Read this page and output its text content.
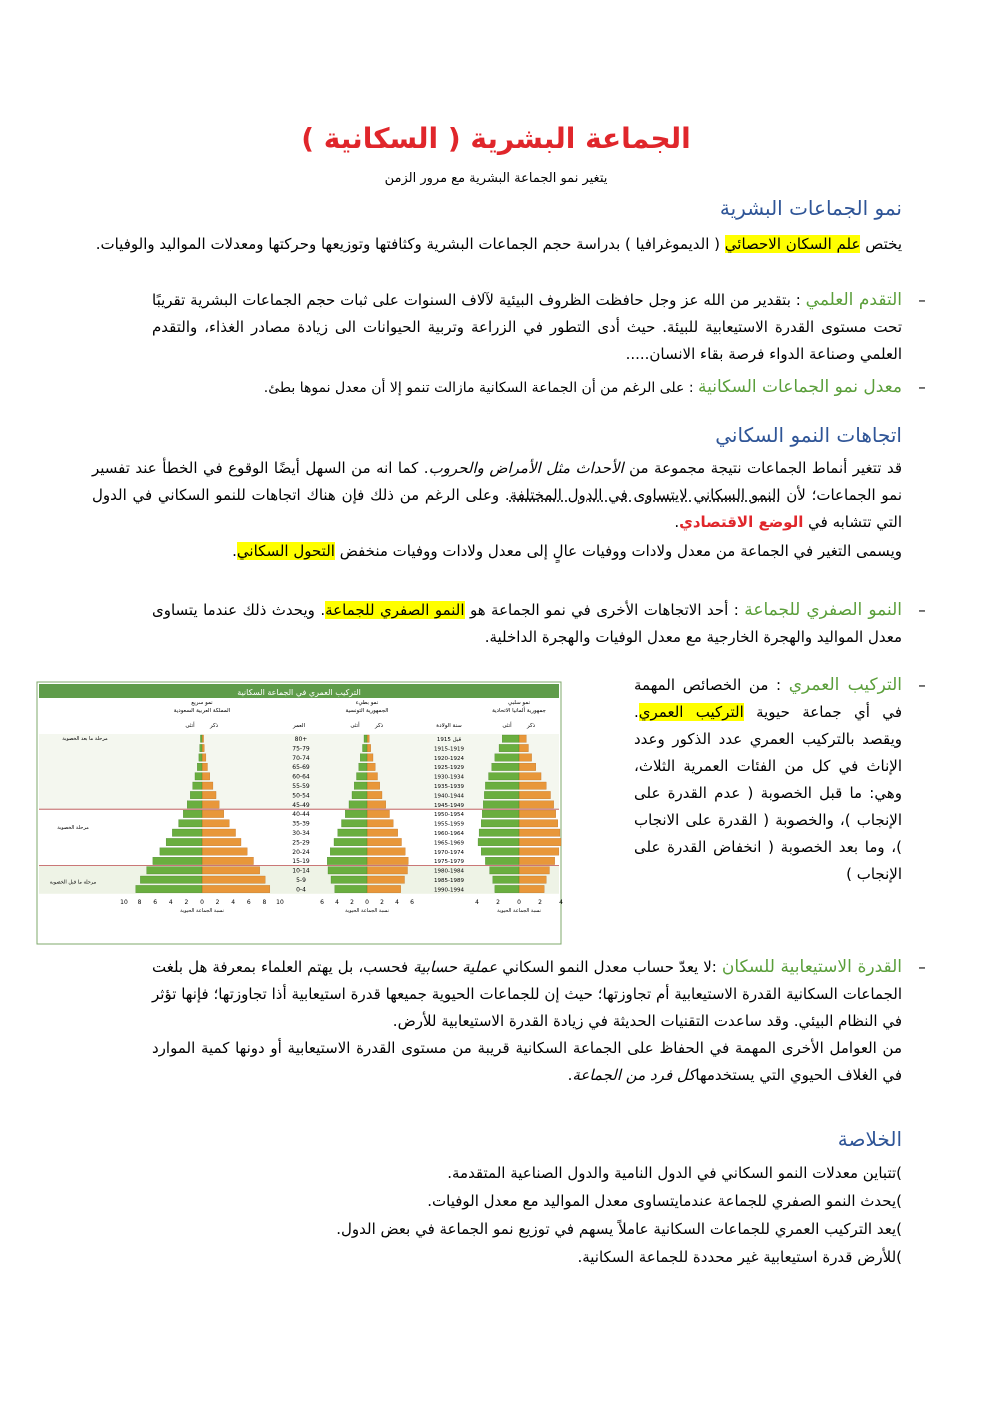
الجماعة البشرية ( السكانية )
يتغير نمو الجماعة البشرية مع مرور الزمن
نمو الجماعات البشرية
يختص علم السكان الاحصائي ( الديموغرافيا ) بدراسة حجم الجماعات البشرية وكثافتها وتوزيعها وحركتها ومعدلات المواليد والوفيات.
–
التقدم العلمي : بتقدير من الله عز وجل حافظت الظروف البيئية لآلاف السنوات على ثبات حجم الجماعات البشرية تقريبًا تحت مستوى القدرة الاستيعابية للبيئة. حيث أدى التطور في الزراعة وتربية الحيوانات الى زيادة مصادر الغذاء، والتقدم العلمي وصناعة الدواء فرصة بقاء الانسان.....
–
معدل نمو الجماعات السكانية : على الرغم من أن الجماعة السكانية مازالت تنمو إلا أن معدل نموها بطئ.
اتجاهات النمو السكاني
قد تتغير أنماط الجماعات نتيجة مجموعة من الأحداث مثل الأمراض والحروب. كما انه من السهل أيضًا الوقوع في الخطأ عند تفسير نمو الجماعات؛ لأن النمو السكاني لايتساوى في الدول المختلفة. وعلى الرغم من ذلك فإن هناك اتجاهات للنمو السكاني في الدول التي تتشابه في الوضع الاقتصادي.
ويسمى التغير في الجماعة من معدل ولادات ووفيات عالٍ إلى معدل ولادات ووفيات منخفض التحول السكاني.
–
النمو الصفري للجماعة : أحد الاتجاهات الأخرى في نمو الجماعة هو النمو الصفري للجماعة. ويحدث ذلك عندما يتساوى معدل المواليد والهجرة الخارجية مع معدل الوفيات والهجرة الداخلية.
–
التركيب العمري : من الخصائص المهمة في أي جماعة حيوية التركيب العمري. ويقصد بالتركيب العمري عدد الذكور وعدد الإناث في كل من الفئات العمرية الثلاث، وهي: ما قبل الخصوبة ( عدم القدرة على الإنجاب )، والخصوبة ( القدرة على الانجاب )، وما بعد الخصوبة ( انخفاض القدرة على الإنجاب )
التركيب العمري في الجماعة السكانية
مرحلة ما بعد الخصوبة
مرحلة الخصوبة
مرحلة ما قبل الخصوبة
نمو سريع
المملكة العربية السعودية
أنثى	ذكر
10 8 6 4 2 0 2 4 6 8 10
نسبة الجماعة الحيوية
نمو بطيء
الجمهورية التونسية
أنثى	ذكر
6 4 2 0 2 4 6
نسبة الجماعة الحيوية
نمو سلبي
جمهورية ألمانيا الاتحادية
أنثى	ذكر
4	2	0	2	4
نسبة الجماعة الحيوية
العمر	سنة الولادة
80+	قبل 1915
75-79	1915-1919
70-74	1920-1924
65-69	1925-1929
60-64	1930-1934
55-59	1935-1939
50-54	1940-1944
45-49	1945-1949
40-44	1950-1954
35-39	1955-1959
30-34	1960-1964
25-29	1965-1969
20-24	1970-1974
15-19	1975-1979
10-14	1980-1984
5-9	1985-1989
0-4	1990-1994
–
القدرة الاستيعابية للسكان :لا يعدّ حساب معدل النمو السكاني عملية حسابية فحسب، بل يهتم العلماء بمعرفة هل بلغت الجماعات السكانية القدرة الاستيعابية أم تجاوزتها؛ حيث إن للجماعات الحيوية جميعها قدرة استيعابية أذا تجاوزتها؛ فإنها تؤثر في النظام البيئي. وقد ساعدت التقنيات الحديثة في زيادة القدرة الاستيعابية للأرض.
من العوامل الأخرى المهمة في الحفاظ على الجماعة السكانية قريبة من مستوى القدرة الاستيعابية أو دونها كمية الموارد في الغلاف الحيوي التي يستخدمهاكل فرد من الجماعة.
الخلاصة
)تتباين معدلات النمو السكاني في الدول النامية والدول الصناعية المتقدمة.
)يحدث النمو الصفري للجماعة عندمايتساوى معدل المواليد مع معدل الوفيات.
)يعد التركيب العمري للجماعات السكانية عاملاً يسهم في توزيع نمو الجماعة في بعض الدول.
)للأرض قدرة استيعابية غير محددة للجماعة السكانية.
